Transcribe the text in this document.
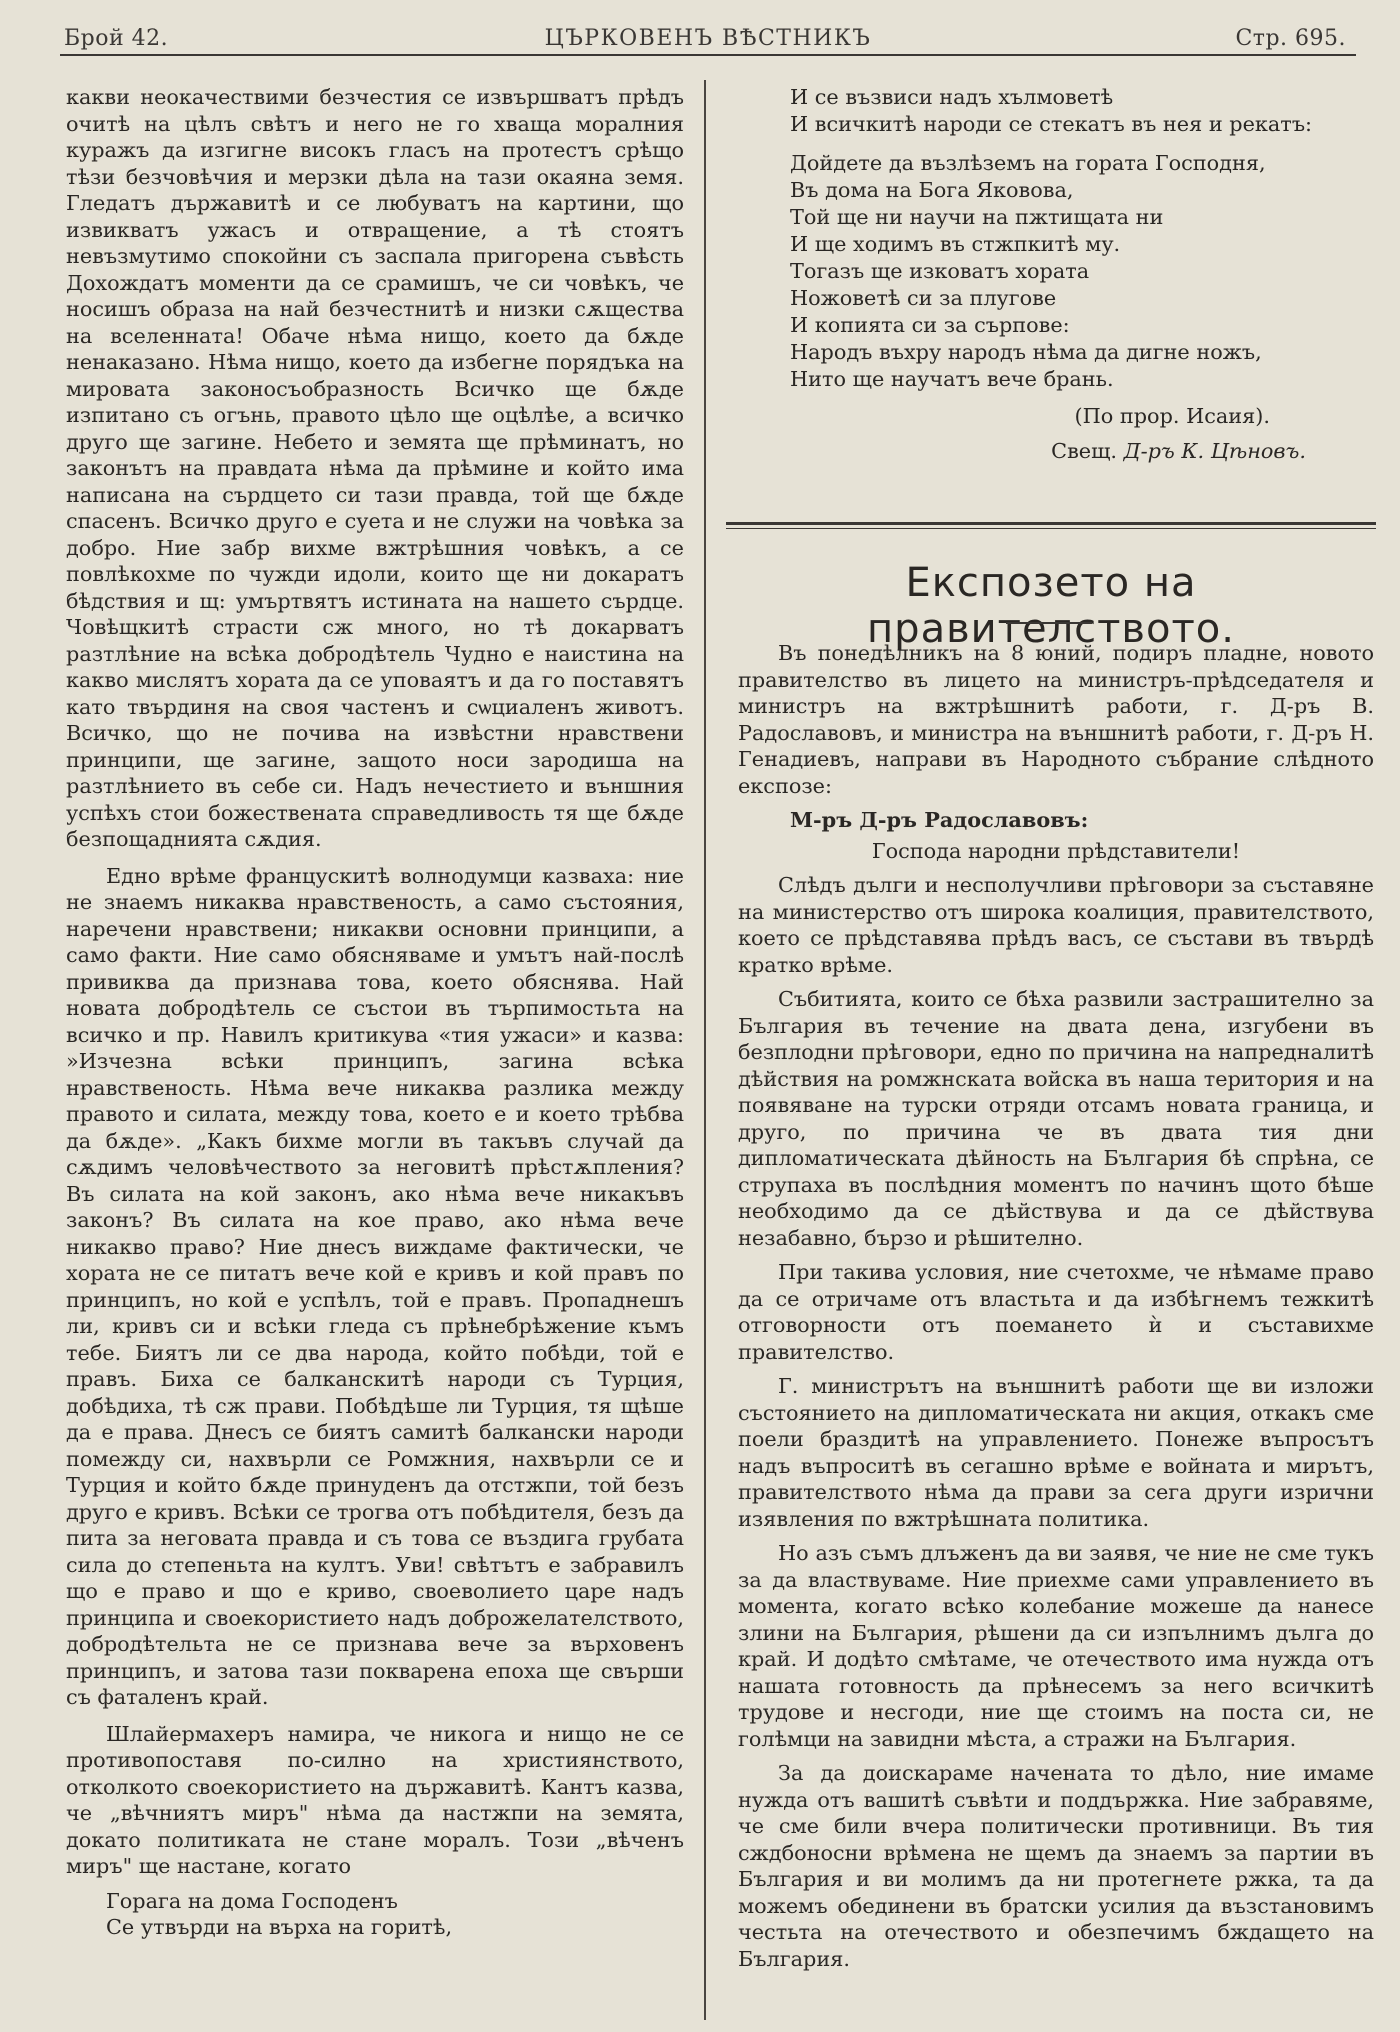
Брой 42.	ЦЪРКОВЕНЪ ВѢСТНИКЪ	Стр. 695.

какви неокачествими безчестия се извършватъ прѣдъ очитѣ на цѣлъ свѣтъ и него не го хваща моралния куражъ да изгигне високъ гласъ на протестъ срѣщо тѣзи безчовѣчия и мерзки дѣла на тази окаяна земя. Гледатъ държавитѣ и се любуватъ на картини, що извикватъ ужасъ и отвращение, а тѣ стоятъ невъзмутимо спокойни съ заспала пригорена съвѣсть Дохождатъ моменти да се срамишъ, че си човѣкъ, че носишъ образа на най безчестнитѣ и низки сѫщества на вселенната! Обаче нѣма нищо, което да бѫде ненаказано. Нѣма нищо, което да избегне порядъка на мировата законосъобразность Всичко ще бѫде изпитано съ огънь, правото цѣло ще оцѣлѣе, а всичко друго ще загине. Небето и земята ще прѣминатъ, но законътъ на правдата нѣма да прѣмине и който има написана на сърдцето си тази правда, той ще бѫде спасенъ. Всичко друго е суета и не служи на човѣка за добро. Ние забр вихме вжтрѣшния човѣкъ, а се повлѣкохме по чужди идоли, които ще ни докаратъ бѣдствия и щ: умъртвятъ истината на нашето сърдце. Човѣщкитѣ страсти сж много, но тѣ докарватъ разтлѣние на всѣка добродѣтель Чудно е наистина на какво мислятъ хората да се уповаятъ и да го поставятъ като твърдиня на своя частенъ и сѡциаленъ животъ. Всичко, що не почива на извѣстни нравствени принципи, ще загине, защото носи зародиша на разтлѣнието въ себе си. Надъ нечестието и външния успѣхъ стои божествената справедливость тя ще бѫде безпощаднията сѫдия.

Едно врѣме францускитѣ волнодумци казваха: ние не знаемъ никаква нравственость, а само състояния, наречени нравствени; никакви основни принципи, а само факти. Ние само обясняваме и умътъ най-послѣ привиква да признава това, което обяснява. Най новата добродѣтель се състои въ търпимостьта на всичко и пр. Навилъ критикува «тия ужаси» и казва: »Изчезна всѣки принципъ, загина всѣка нравственость. Нѣма вече никаква разлика между правото и силата, между това, което е и което трѣбва да бѫде». „Какъ бихме могли въ такъвъ случай да сѫдимъ человѣчеството за неговитѣ прѣстѫпления? Въ силата на кой законъ, ако нѣма вече никакъвъ законъ? Въ силата на кое право, ако нѣма вече никакво право? Ние днесъ виждаме фактически, че хората не се питатъ вече кой е кривъ и кой правъ по принципъ, но кой е успѣлъ, той е правъ. Пропаднешъ ли, кривъ си и всѣки гледа съ прѣнебрѣжение къмъ тебе. Биятъ ли се два народа, който побѣди, той е правъ. Биха се балканскитѣ народи съ Турция, добѣдиха, тѣ сж прави. Побѣдѣше ли Турция, тя щѣше да е права. Днесъ се биятъ самитѣ балкански народи помежду си, нахвърли се Ромжния, нахвърли се и Турция и който бѫде принуденъ да отстжпи, той безъ друго е кривъ. Всѣки се трогва отъ побѣдителя, безъ да пита за неговата правда и съ това се въздига грубата сила до степеньта на култъ. Уви! свѣтътъ е забравилъ що е право и що е криво, своеволието царе надъ принципа и своекористието надъ доброжелателството, добродѣтельта не се признава вече за върховенъ принципъ, и затова тази покварена епоха ще свърши съ фаталенъ край.

Шлайермахеръ намира, че никога и нищо не се противопоставя по-силно на християнството, отколкото своекористието на държавитѣ. Кантъ казва, че „вѣчниятъ миръ" нѣма да настжпи на земята, докато политиката не стане моралъ. Този „вѣченъ миръ" ще настане, когато

Горага на дома Господенъ

Се утвърди на върха на горитѣ,

И се възвиси надъ хълмоветѣ
И всичкитѣ народи се стекатъ въ нея и рекатъ:
Дойдете да възлѣземъ на гората Господня,
Въ дома на Бога Яковова,
Той ще ни научи на пжтищата ни
И ще ходимъ въ стжпкитѣ му.
Тогазъ ще изковатъ хората
Ножоветѣ си за плугове
И копията си за сърпове:
Народъ въхру народъ нѣма да дигне ножъ,
Нито ще научатъ вече брань.
(По прор. Исаия).
Свещ. Д-ръ К. Цѣновъ.
Експозето на правителството.

Въ понедѣлникъ на 8 юний, подиръ пладне, новото правителство въ лицето на министръ-прѣдседателя и министръ на вжтрѣшнитѣ работи, г. Д-ръ В. Радославовъ, и министра на външнитѣ работи, г. Д-ръ Н. Генадиевъ, направи въ Народното събрание слѣдното експозе:

М-ръ Д-ръ Радославовъ:

Господа народни прѣдставители!

Слѣдъ дълги и несполучливи прѣговори за съставяне на министерство отъ широка коалиция, правителството, което се прѣдставява прѣдъ васъ, се състави въ твърдѣ кратко врѣме.

Събитията, които се бѣха развили застрашително за България въ течение на двата дена, изгубени въ безплодни прѣговори, едно по причина на напредналитѣ дѣйствия на ромжнската войска въ наша територия и на появяване на турски отряди отсамъ новата граница, и друго, по причина че въ двата тия дни дипломатическата дѣйность на България бѣ спрѣна, се струпаха въ послѣдния моментъ по начинъ щото бѣше необходимо да се дѣйствува и да се дѣйствува незабавно, бързо и рѣшително.

При такива условия, ние счетохме, че нѣмаме право да се отричаме отъ властьта и да избѣгнемъ тежкитѣ отговорности отъ поемането ѝ и съставихме правителство.

Г. министрътъ на външнитѣ работи ще ви изложи състоянието на дипломатическата ни акция, откакъ сме поели браздитѣ на управлението. Понеже въпросътъ надъ въпроситѣ въ сегашно врѣме е войната и мирътъ, правителството нѣма да прави за сега други изрични изявления по вжтрѣшната политика.

Но азъ съмъ длъженъ да ви заявя, че ние не сме тукъ за да властвуваме. Ние приехме сами управлението въ момента, когато всѣко колебание можеше да нанесе злини на България, рѣшени да си изпълнимъ дълга до край. И додѣто смѣтаме, че отечеството има нужда отъ нашата готовность да прѣнесемъ за него всичкитѣ трудове и несгоди, ние ще стоимъ на поста си, не голѣмци на завидни мѣста, а стражи на България.

За да доискараме начената то дѣло, ние имаме нужда отъ вашитѣ съвѣти и поддържка. Ние забравяме, че сме били вчера политически противници. Въ тия сждбоносни врѣмена не щемъ да знаемъ за партии въ България и ви молимъ да ни протегнете ржка, та да можемъ обединени въ братски усилия да възстановимъ честьта на отечеството и обезпечимъ бждащето на България.
